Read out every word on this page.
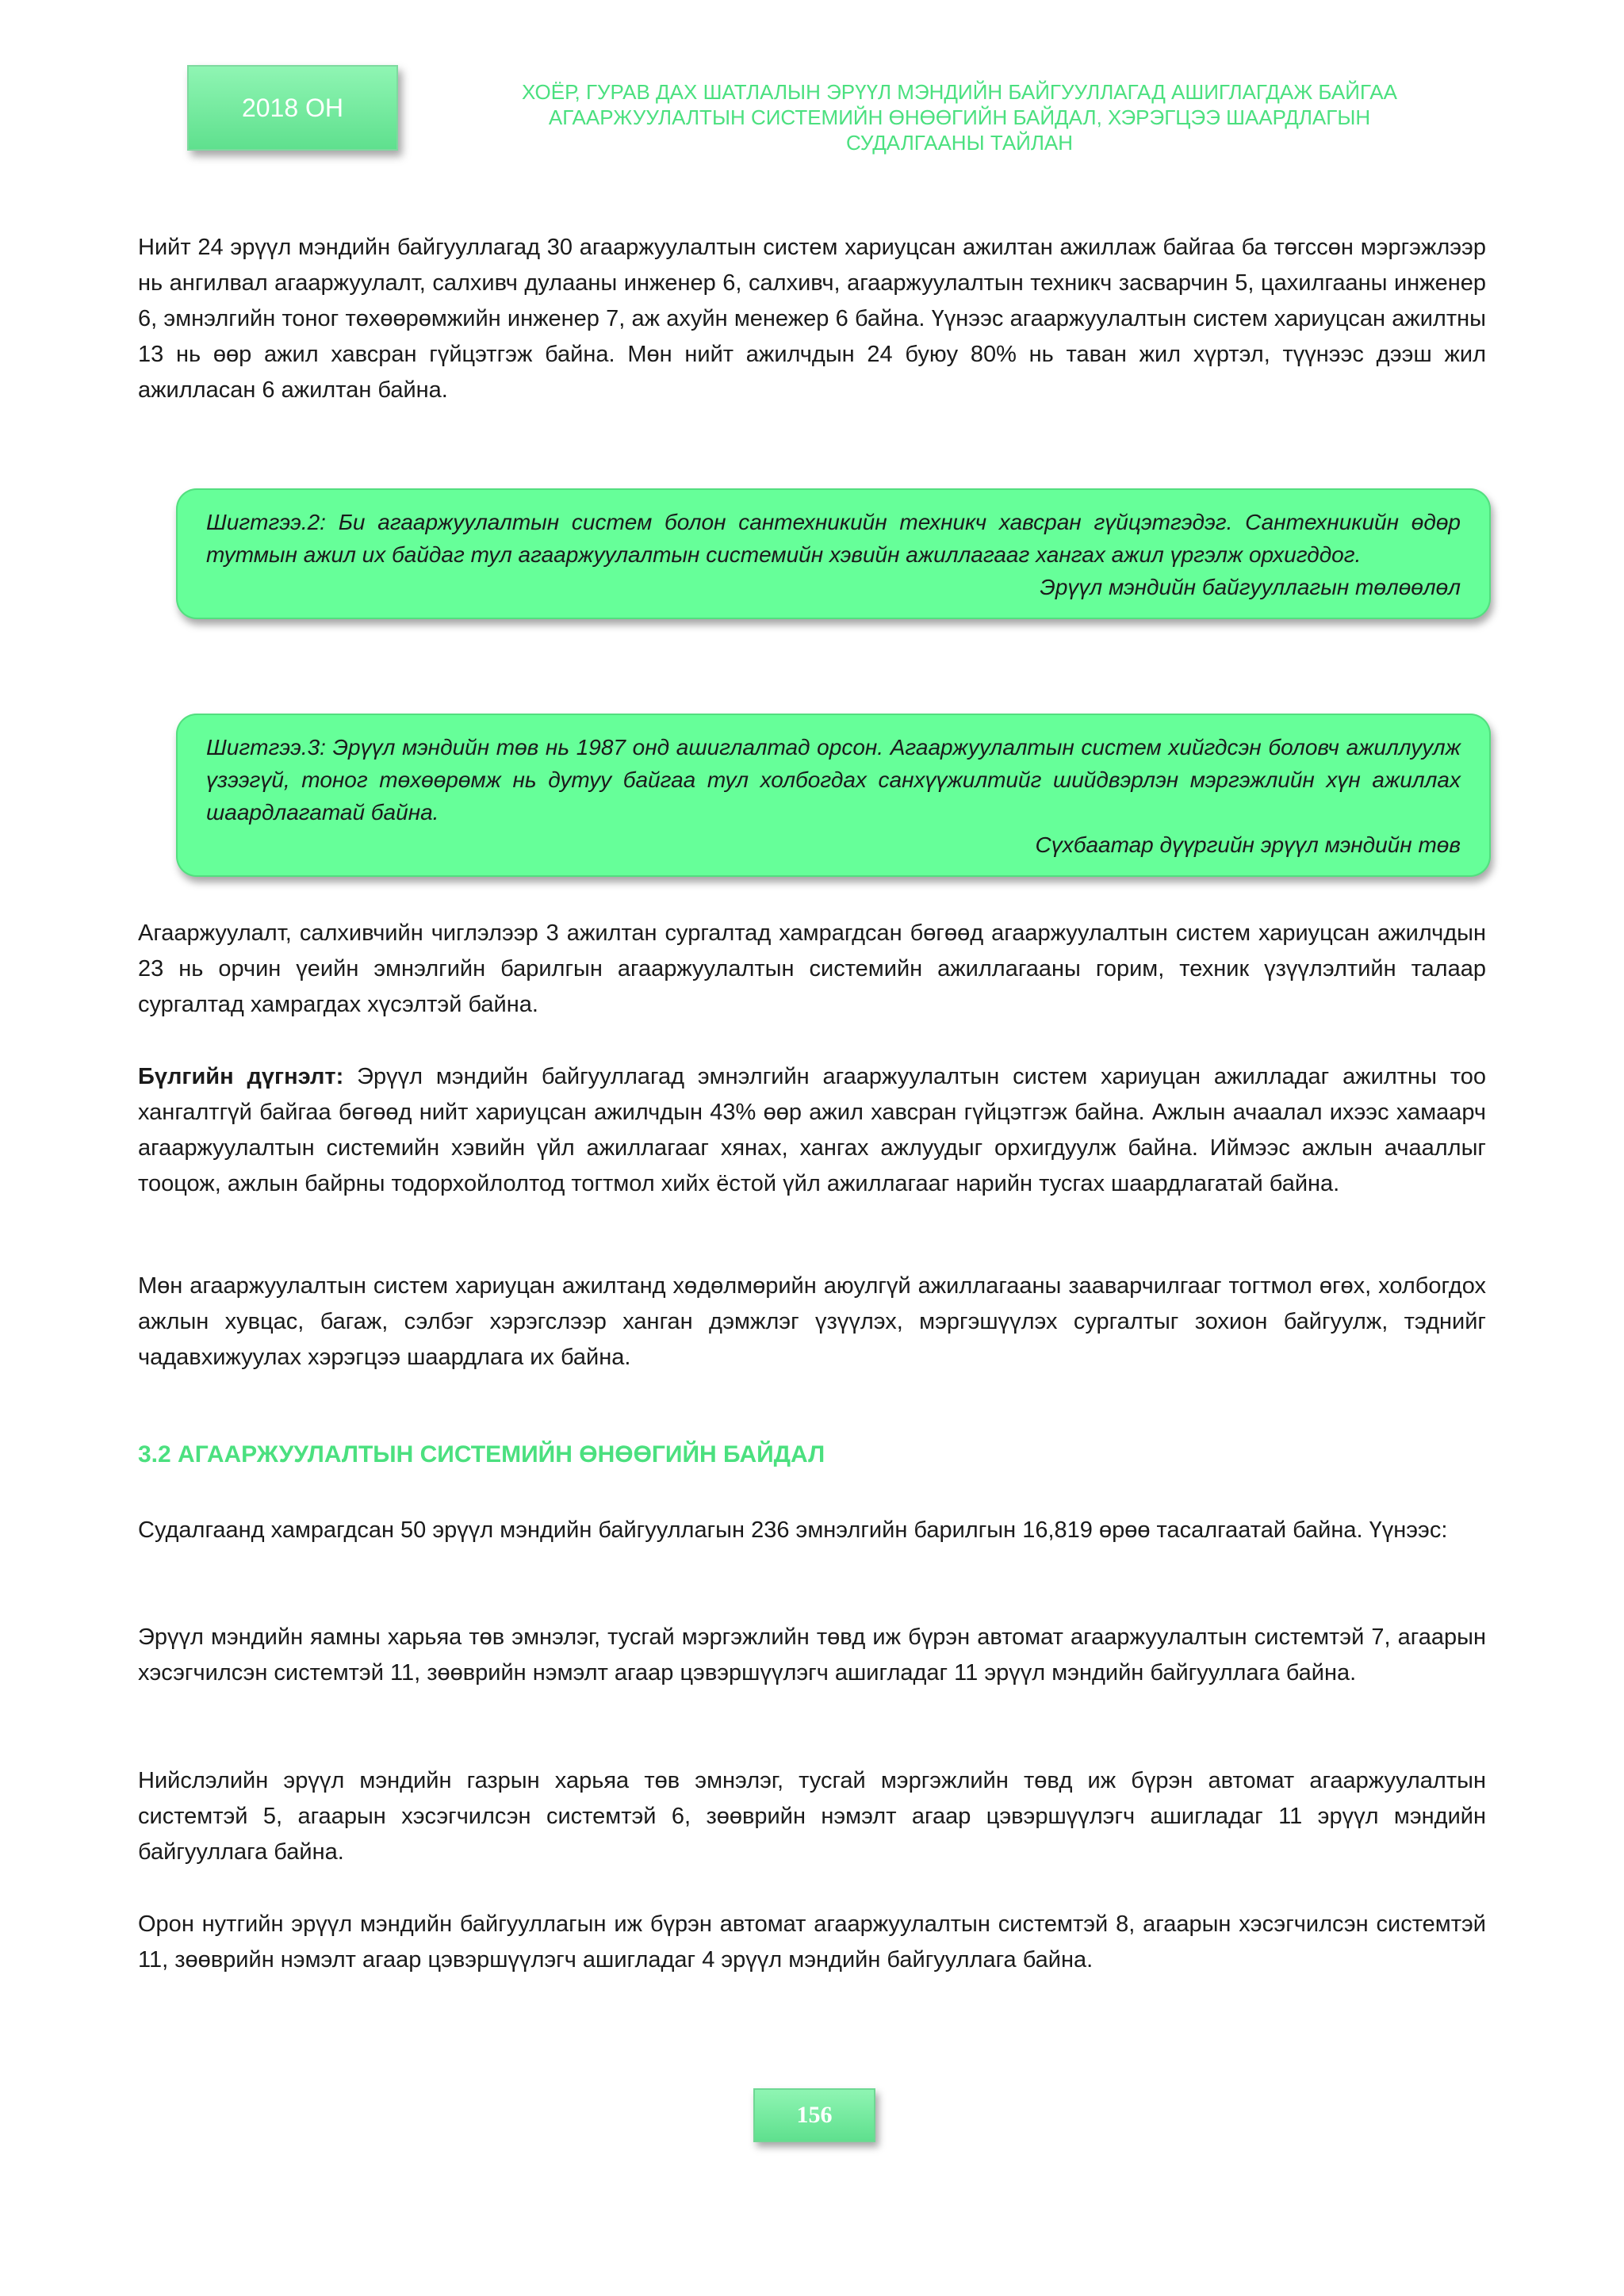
2018 ОН
ХОЁР, ГУРАВ ДАХ ШАТЛАЛЫН ЭРҮҮЛ МЭНДИЙН БАЙГУУЛЛАГАД АШИГЛАГДАЖ БАЙГАА
АГААРЖУУЛАЛТЫН СИСТЕМИЙН ӨНӨӨГИЙН БАЙДАЛ, ХЭРЭГЦЭЭ ШААРДЛАГЫН
СУДАЛГААНЫ ТАЙЛАН

Нийт 24 эрүүл мэндийн байгууллагад 30 агааржуулалтын систем хариуцсан ажилтан ажиллаж байгаа ба төгссөн мэргэжлээр нь ангилвал агааржуулалт, салхивч дулааны инженер 6, салхивч, агааржуулалтын техникч засварчин 5, цахилгааны инженер 6, эмнэлгийн тоног төхөөрөмжийн инженер 7, аж ахуйн менежер 6 байна. Үүнээс агааржуулалтын систем хариуцсан ажилтны 13 нь өөр ажил хавсран гүйцэтгэж байна. Мөн нийт ажилчдын 24 буюу 80% нь таван жил хүртэл, түүнээс дээш жил ажилласан 6 ажилтан байна.

Шигтгээ.2: Би агааржуулалтын систем болон сантехникийн техникч хавсран гүйцэтгэдэг. Сантехникийн өдөр тутмын ажил их байдаг тул агааржуулалтын системийн хэвийн ажиллагааг хангах ажил үргэлж орхигддог.

Эрүүл мэндийн байгууллагын төлөөлөл

Шигтгээ.3: Эрүүл мэндийн төв нь 1987 онд ашиглалтад орсон. Агааржуулалтын систем хийгдсэн боловч ажиллуулж үзээгүй, тоног төхөөрөмж нь дутуу байгаа тул холбогдах санхүүжилтийг шийдвэрлэн мэргэжлийн хүн ажиллах шаардлагатай байна.

Сүхбаатар дүүргийн эрүүл мэндийн төв

Агааржуулалт, салхивчийн чиглэлээр 3 ажилтан сургалтад хамрагдсан бөгөөд агааржуулалтын систем хариуцсан ажилчдын 23 нь орчин үеийн эмнэлгийн барилгын агааржуулалтын системийн ажиллагааны горим, техник үзүүлэлтийн талаар сургалтад хамрагдах хүсэлтэй байна.

Бүлгийн дүгнэлт: Эрүүл мэндийн байгууллагад эмнэлгийн агааржуулалтын систем хариуцан ажилладаг ажилтны тоо хангалтгүй байгаа бөгөөд нийт хариуцсан ажилчдын 43% өөр ажил хавсран гүйцэтгэж байна. Ажлын ачаалал ихээс хамаарч агааржуулалтын системийн хэвийн үйл ажиллагааг хянах, хангах ажлуудыг орхигдуулж байна. Иймээс ажлын ачааллыг тооцож, ажлын байрны тодорхойлолтод тогтмол хийх ёстой үйл ажиллагааг нарийн тусгах шаардлагатай байна.

Мөн агааржуулалтын систем хариуцан ажилтанд хөдөлмөрийн аюулгүй ажиллагааны зааварчилгааг тогтмол өгөх, холбогдох ажлын хувцас, багаж, сэлбэг хэрэгслээр ханган дэмжлэг үзүүлэх, мэргэшүүлэх сургалтыг зохион байгуулж, тэднийг чадавхижуулах хэрэгцээ шаардлага их байна.

3.2 АГААРЖУУЛАЛТЫН СИСТЕМИЙН ӨНӨӨГИЙН БАЙДАЛ

Судалгаанд хамрагдсан 50 эрүүл мэндийн байгууллагын 236 эмнэлгийн барилгын 16,819 өрөө тасалгаатай байна. Үүнээс:

Эрүүл мэндийн яамны харьяа төв эмнэлэг, тусгай мэргэжлийн төвд иж бүрэн автомат агааржуулалтын системтэй 7, агаарын хэсэгчилсэн системтэй 11, зөөврийн нэмэлт агаар цэвэршүүлэгч ашигладаг 11 эрүүл мэндийн байгууллага байна.

Нийслэлийн эрүүл мэндийн газрын харьяа төв эмнэлэг, тусгай мэргэжлийн төвд иж бүрэн автомат агааржуулалтын системтэй 5, агаарын хэсэгчилсэн системтэй 6, зөөврийн нэмэлт агаар цэвэршүүлэгч ашигладаг 11 эрүүл мэндийн байгууллага байна.

Орон нутгийн эрүүл мэндийн байгууллагын иж бүрэн автомат агааржуулалтын системтэй 8, агаарын хэсэгчилсэн системтэй 11, зөөврийн нэмэлт агаар цэвэршүүлэгч ашигладаг 4 эрүүл мэндийн байгууллага байна.

156
